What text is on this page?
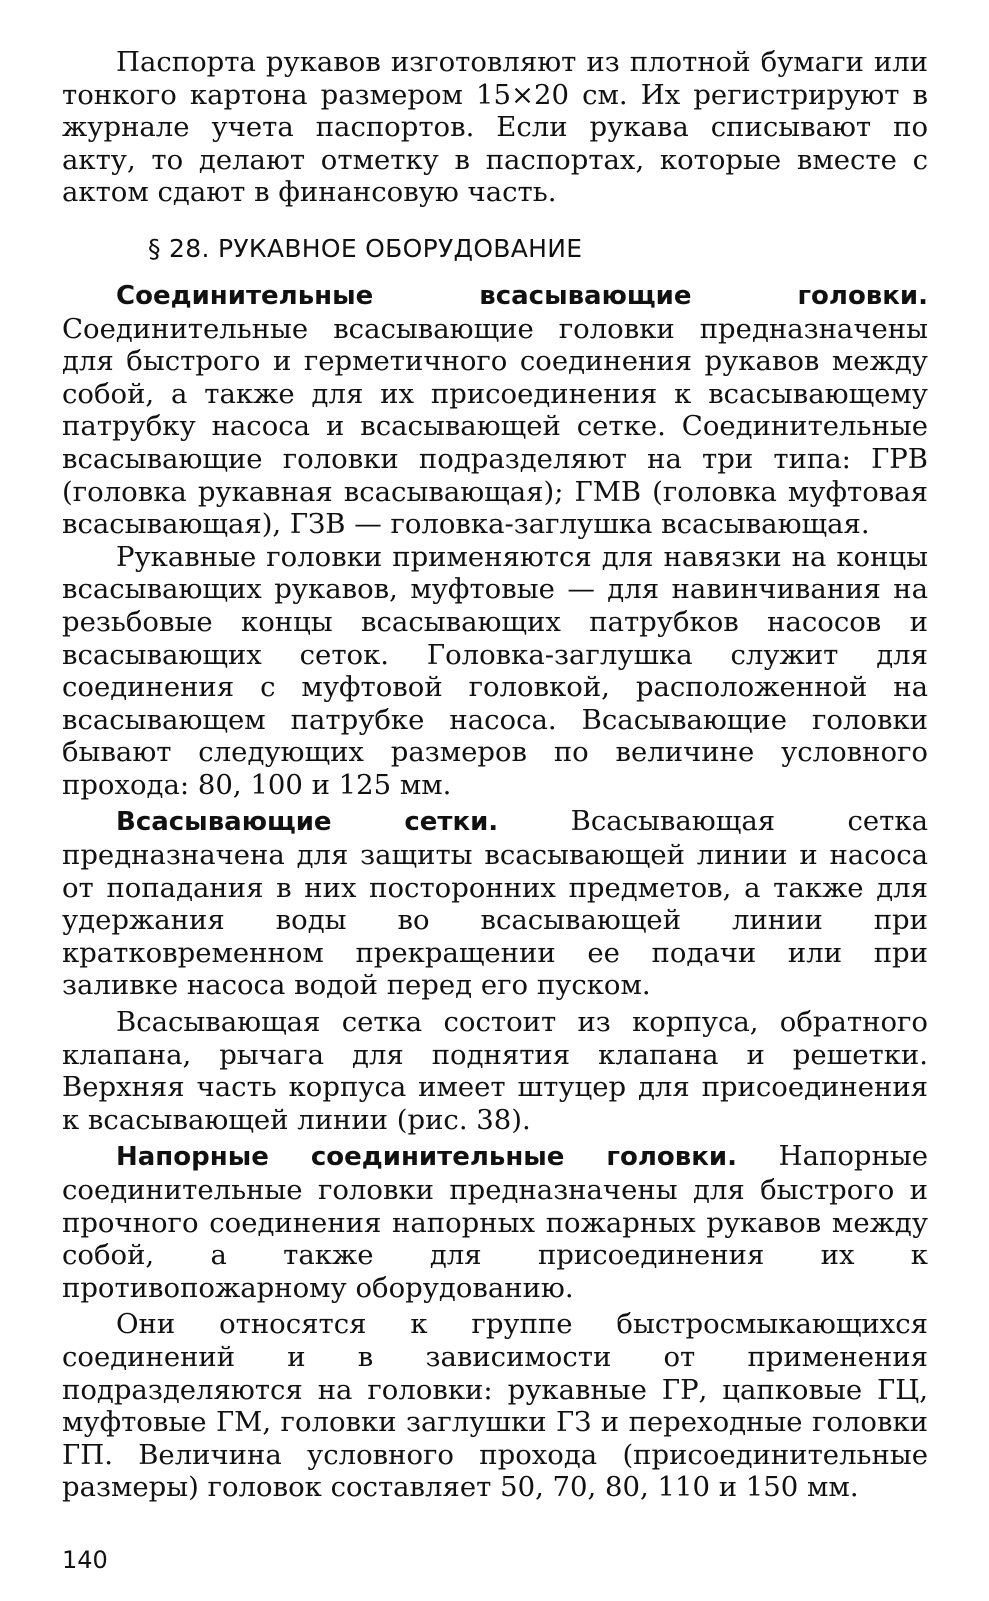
Паспорта рукавов изготовляют из плотной бумаги или тонкого картона размером 15×20 см. Их регистрируют в журнале учета паспортов. Если рукава списывают по акту, то делают отметку в паспортах, которые вместе с актом сдают в финансовую часть.

§ 28. РУКАВНОЕ ОБОРУДОВАНИЕ

Соединительные всасывающие головки. Соединительные всасывающие головки предназначены для быстрого и герметичного соединения рукавов между собой, а также для их присоединения к всасывающему патрубку насоса и всасывающей сетке. Соединительные всасывающие головки подразделяют на три типа: ГРВ (головка рукавная всасывающая); ГМВ (головка муфтовая всасывающая), ГЗВ — головка-заглушка всасывающая.

Рукавные головки применяются для навязки на концы всасывающих рукавов, муфтовые — для навинчивания на резьбовые концы всасывающих патрубков насосов и всасывающих сеток. Головка-заглушка служит для соединения с муфтовой головкой, расположенной на всасывающем патрубке насоса. Всасывающие головки бывают следующих размеров по величине условного прохода: 80, 100 и 125 мм.

Всасывающие сетки. Всасывающая сетка предназначена для защиты всасывающей линии и насоса от попадания в них посторонних предметов, а также для удержания воды во всасывающей линии при кратковременном прекращении ее подачи или при заливке насоса водой перед его пуском.

Всасывающая сетка состоит из корпуса, обратного клапана, рычага для поднятия клапана и решетки. Верхняя часть корпуса имеет штуцер для присоединения к всасывающей линии (рис. 38).

Напорные соединительные головки. Напорные соединительные головки предназначены для быстрого и прочного соединения напорных пожарных рукавов между собой, а также для присоединения их к противопожарному оборудованию.

Они относятся к группе быстросмыкающихся соединений и в зависимости от применения подразделяются на головки: рукавные ГР, цапковые ГЦ, муфтовые ГМ, головки заглушки ГЗ и переходные головки ГП. Величина условного прохода (присоединительные размеры) головок составляет 50, 70, 80, 110 и 150 мм.

140
